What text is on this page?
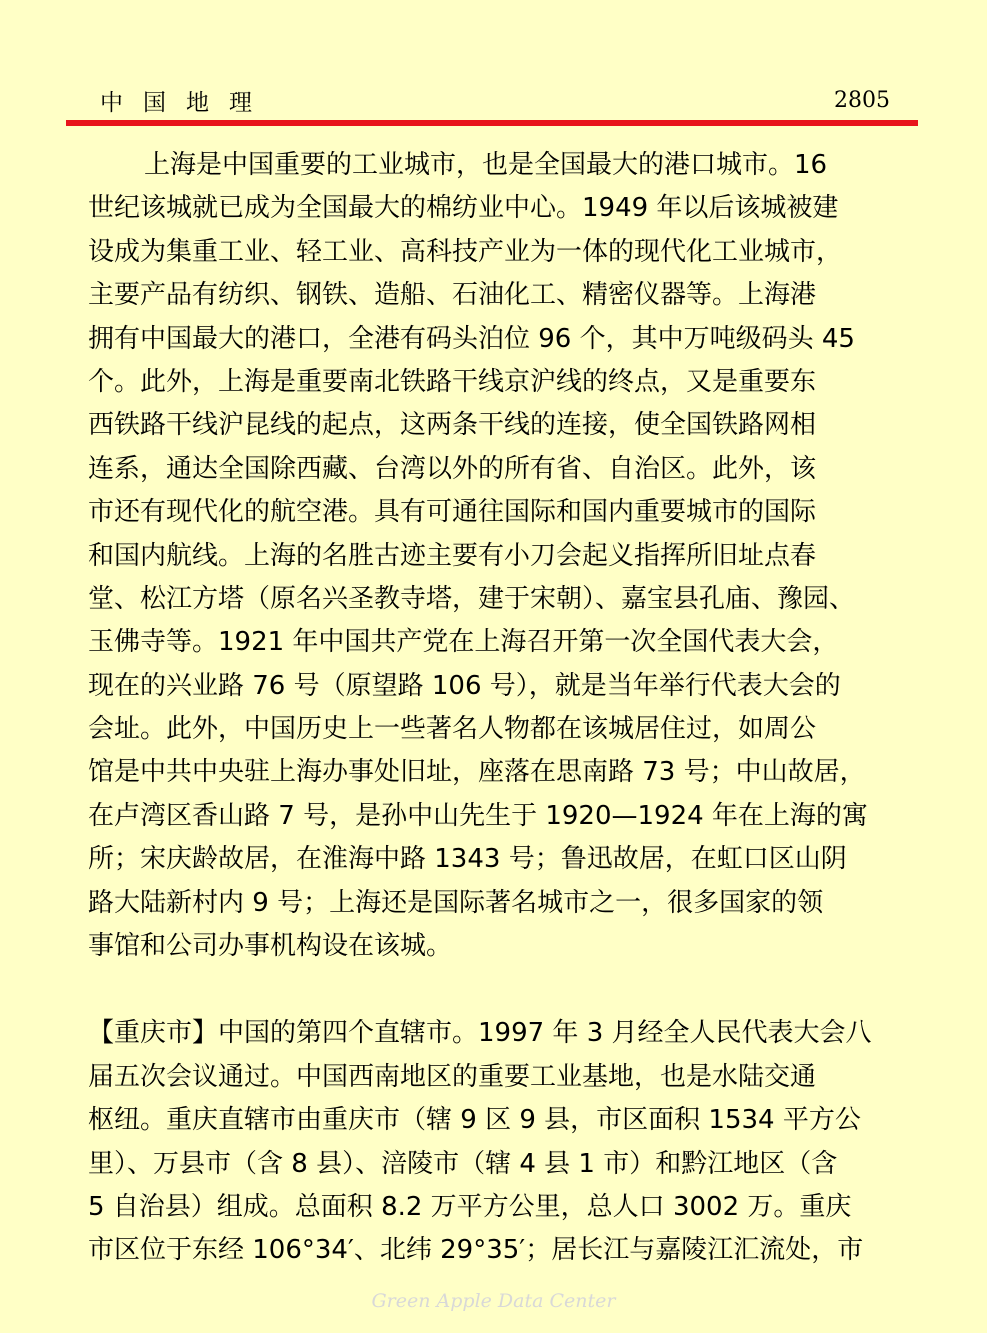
中国地理	2805
上海是中国重要的工业城市，也是全国最大的港口城市。16
世纪该城就已成为全国最大的棉纺业中心。1949 年以后该城被建
设成为集重工业、轻工业、高科技产业为一体的现代化工业城市，
主要产品有纺织、钢铁、造船、石油化工、精密仪器等。上海港
拥有中国最大的港口，全港有码头泊位 96 个，其中万吨级码头 45
个。此外，上海是重要南北铁路干线京沪线的终点，又是重要东
西铁路干线沪昆线的起点，这两条干线的连接，使全国铁路网相
连系，通达全国除西藏、台湾以外的所有省、自治区。此外，该
市还有现代化的航空港。具有可通往国际和国内重要城市的国际
和国内航线。上海的名胜古迹主要有小刀会起义指挥所旧址点春
堂、松江方塔（原名兴圣教寺塔，建于宋朝）、嘉宝县孔庙、豫园、
玉佛寺等。1921 年中国共产党在上海召开第一次全国代表大会，
现在的兴业路 76 号（原望路 106 号），就是当年举行代表大会的
会址。此外，中国历史上一些著名人物都在该城居住过，如周公
馆是中共中央驻上海办事处旧址，座落在思南路 73 号；中山故居，
在卢湾区香山路 7 号，是孙中山先生于 1920—1924 年在上海的寓
所；宋庆龄故居，在淮海中路 1343 号；鲁迅故居，在虹口区山阴
路大陆新村内 9 号；上海还是国际著名城市之一，很多国家的领
事馆和公司办事机构设在该城。
【重庆市】中国的第四个直辖市。1997 年 3 月经全人民代表大会八
届五次会议通过。中国西南地区的重要工业基地，也是水陆交通
枢纽。重庆直辖市由重庆市（辖 9 区 9 县，市区面积 1534 平方公
里）、万县市（含 8 县）、涪陵市（辖 4 县 1 市）和黔江地区（含
5 自治县）组成。总面积 8.2 万平方公里，总人口 3002 万。重庆
市区位于东经 106°34′、北纬 29°35′；居长江与嘉陵江汇流处，市
Green Apple Data Center
